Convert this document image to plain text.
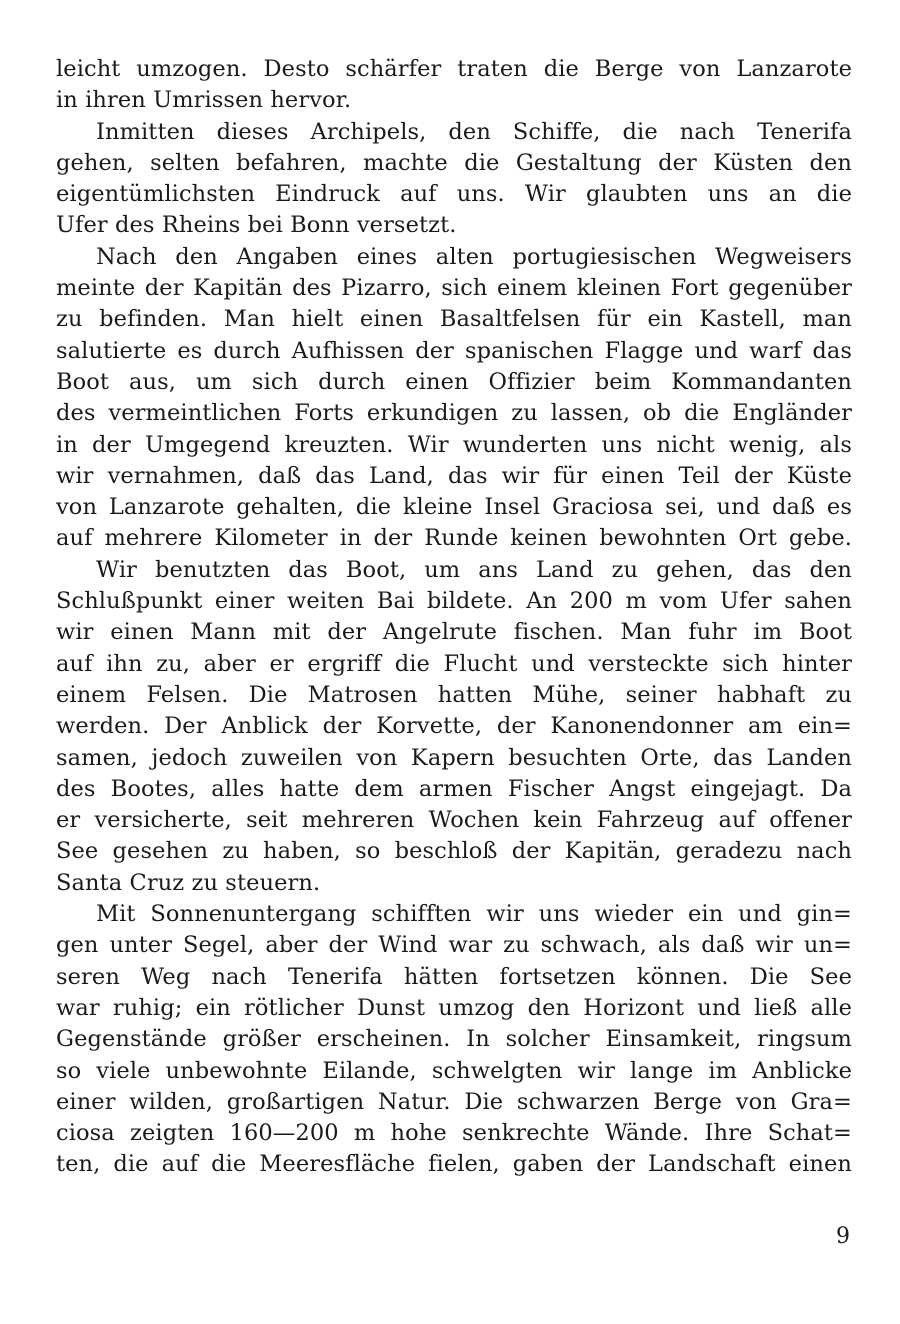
leicht umzogen. Desto schärfer traten die Berge von Lanzarote
in ihren Umrissen hervor.
Inmitten dieses Archipels, den Schiffe, die nach Tenerifa
gehen, selten befahren, machte die Gestaltung der Küsten den
eigentümlichsten Eindruck auf uns. Wir glaubten uns an die
Ufer des Rheins bei Bonn versetzt.
Nach den Angaben eines alten portugiesischen Wegweisers
meinte der Kapitän des Pizarro, sich einem kleinen Fort gegenüber
zu befinden. Man hielt einen Basaltfelsen für ein Kastell, man
salutierte es durch Aufhissen der spanischen Flagge und warf das
Boot aus, um sich durch einen Offizier beim Kommandanten
des vermeintlichen Forts erkundigen zu lassen, ob die Engländer
in der Umgegend kreuzten. Wir wunderten uns nicht wenig, als
wir vernahmen, daß das Land, das wir für einen Teil der Küste
von Lanzarote gehalten, die kleine Insel Graciosa sei, und daß es
auf mehrere Kilometer in der Runde keinen bewohnten Ort gebe.
Wir benutzten das Boot, um ans Land zu gehen, das den
Schlußpunkt einer weiten Bai bildete. An 200 m vom Ufer sahen
wir einen Mann mit der Angelrute fischen. Man fuhr im Boot
auf ihn zu, aber er ergriff die Flucht und versteckte sich hinter
einem Felsen. Die Matrosen hatten Mühe, seiner habhaft zu
werden. Der Anblick der Korvette, der Kanonendonner am ein=
samen, jedoch zuweilen von Kapern besuchten Orte, das Landen
des Bootes, alles hatte dem armen Fischer Angst eingejagt. Da
er versicherte, seit mehreren Wochen kein Fahrzeug auf offener
See gesehen zu haben, so beschloß der Kapitän, geradezu nach
Santa Cruz zu steuern.
Mit Sonnenuntergang schifften wir uns wieder ein und gin=
gen unter Segel, aber der Wind war zu schwach, als daß wir un=
seren Weg nach Tenerifa hätten fortsetzen können. Die See
war ruhig; ein rötlicher Dunst umzog den Horizont und ließ alle
Gegenstände größer erscheinen. In solcher Einsamkeit, ringsum
so viele unbewohnte Eilande, schwelgten wir lange im Anblicke
einer wilden, großartigen Natur. Die schwarzen Berge von Gra=
ciosa zeigten 160—200 m hohe senkrechte Wände. Ihre Schat=
ten, die auf die Meeresfläche fielen, gaben der Landschaft einen
9
